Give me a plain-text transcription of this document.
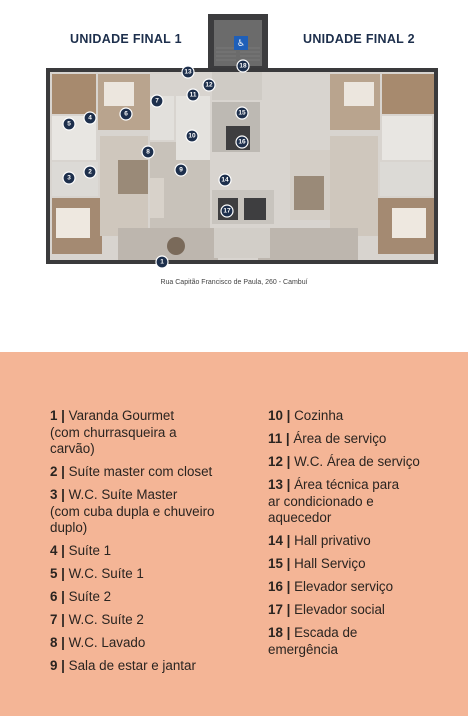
UNIDADE FINAL 1	UNIDADE FINAL 2
♿
1
2
3
4
5
6
7
8
9
10
11
12
13
14
15
16
17
18
Rua Capitão Francisco de Paula, 260 - Cambuí
1 | Varanda Gourmet
(com churrasqueira a
carvão)
2 | Suíte master com closet
3 | W.C. Suíte Master
(com cuba dupla e chuveiro
duplo)
4 | Suíte 1
5 | W.C. Suíte 1
6 | Suíte 2
7 | W.C. Suíte 2
8 | W.C. Lavado
9 | Sala de estar e jantar
10 | Cozinha
11 | Área de serviço
12 | W.C. Área de serviço
13 | Área técnica para
ar condicionado e
aquecedor
14 | Hall privativo
15 | Hall Serviço
16 | Elevador serviço
17 | Elevador social
18 | Escada de
emergência
